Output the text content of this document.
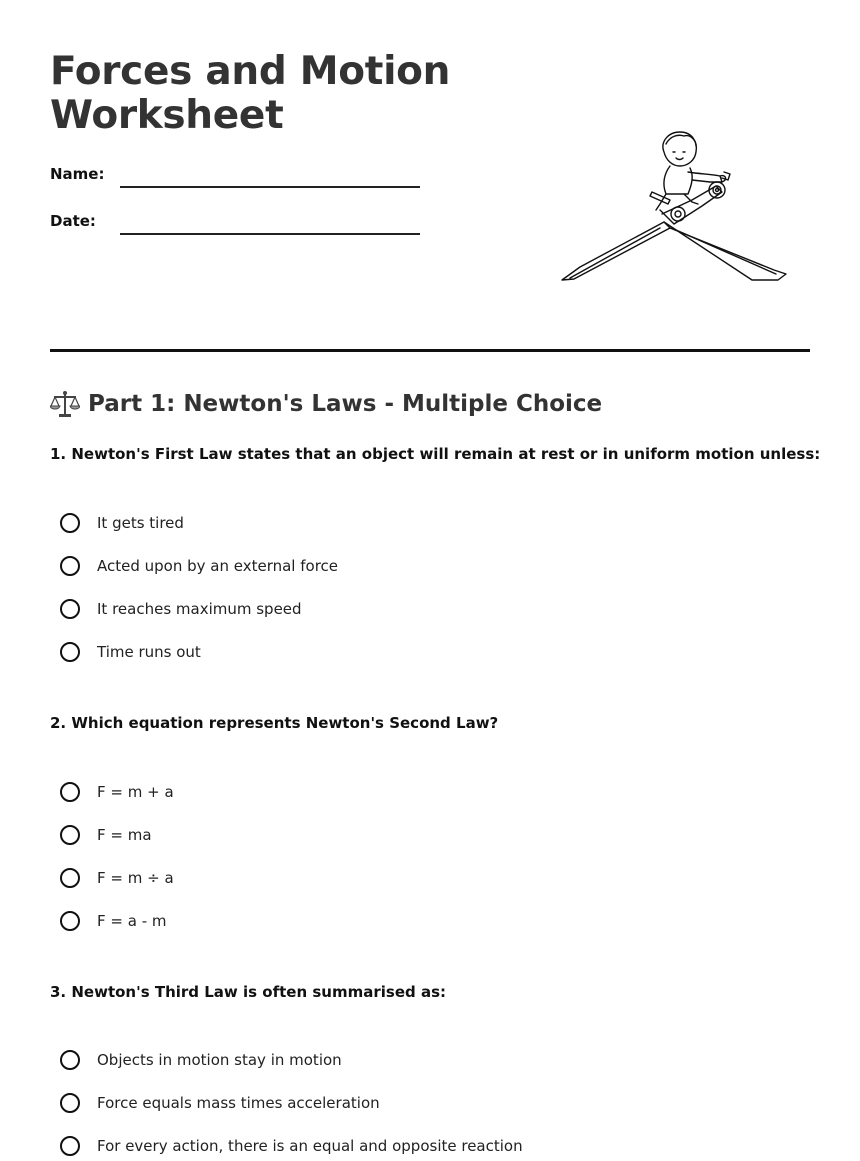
Forces and Motion Worksheet
Name:
Date:
Part 1: Newton's Laws - Multiple Choice
1. Newton's First Law states that an object will remain at rest or in uniform motion unless:
It gets tired
Acted upon by an external force
It reaches maximum speed
Time runs out
2. Which equation represents Newton's Second Law?
F = m + a
F = ma
F = m ÷ a
F = a - m
3. Newton's Third Law is often summarised as:
Objects in motion stay in motion
Force equals mass times acceleration
For every action, there is an equal and opposite reaction
